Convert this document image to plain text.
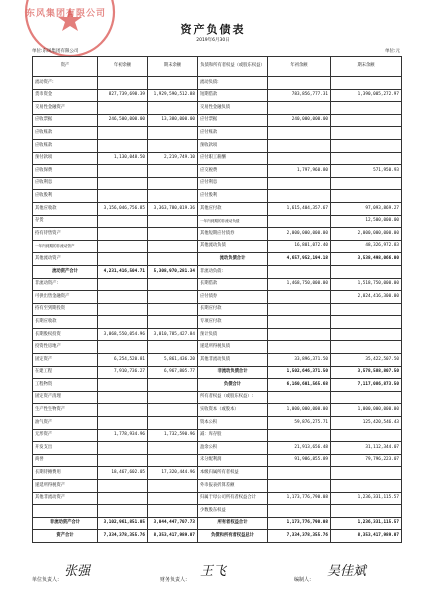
东风集团有限公司
资产负债表
2019年6月30日
单位:东风集团有限公司	单位:元
资产	年初余额	期末余额	负债和所有者权益（或股东权益）	年初余额	期末余额
流动资产:			流动负债:		
货币资金	827,739,698.39	1,929,590,512.88	短期借款	783,856,777.31	1,390,005,272.97
交易性金融资产			交易性金融负债		
应收票据	246,500,000.00	13,380,000.00	应付票据	240,000,000.00	
应收账款			应付账款		
应收账款			预收款项		
预付款项	1,130,048.50	2,219,749.10	应付职工薪酬		
应收保费			应交税费	1,797,960.80	571,950.93
应收利息			应付利息		
应收股利			应付股利		
其他应收款	3,156,046,756.85	3,363,780,019.36	其他应付款	1,615,404,357.67	97,093,869.27
存货			一年内到期的非流动负债		12,500,000.00
持有待售资产			其他短期应付债券	2,000,000,000.00	2,000,000,000.00
一年内到期的非流动资产			其他流动负债	16,801,072.40	48,326,972.83
其他流动资产			流动负债合计	4,657,952,194.18	3,538,498,066.00
流动资产合计	4,231,416,504.71	5,308,970,281.34	非流动负债:		
非流动资产:			长期借款	1,468,750,000.00	1,518,750,000.00
可供出售金融资产			应付债券		2,024,416,300.00
持有至到期投资			长期应付款		
长期应收款			专项应付款		
长期股权投资	3,068,550,054.96	3,010,785,427.84	预计负债		
投资性房地产			递延所得税负债		
固定资产	6,254,520.81	5,861,436.20	其他非流动负债	33,896,371.50	35,422,507.50
在建工程	7,910,736.27	6,967,805.77	非流动负债合计	1,502,646,371.50	3,578,588,807.50
工程物资			负债合计	6,160,601,565.68	7,117,086,873.50
固定资产清理			所有者权益（或股东权益）:		
生产性生物资产			实收资本（或股本）	1,000,000,000.00	1,000,000,000.00
油气资产			资本公积	59,876,275.71	125,420,546.43
无形资产	1,778,934.96	1,732,590.96	减：库存股		
开发支出			盈余公积	21,913,656.48	31,112,344.07
商誉			未分配利润	91,986,855.89	79,796,223.07
长期待摊费用	18,467,602.05	17,320,444.96	本级归属所有者权益		
递延所得税资产			外币报表折算差额		
其他非流动资产			归属于母公司所有者权益合计	1,173,776,790.08	1,236,331,115.57
			少数股东权益		
非流动资产合计	3,102,961,851.05	3,044,447,707.73	所有者权益合计	1,173,776,790.08	1,236,331,115.57
资产合计	7,334,378,355.76	8,353,417,989.07	负债和所有者权益总计	7,334,378,355.76	8,353,417,989.07
单位负责人：
张强
财务负责人：
王飞
编制人：
吴佳斌
